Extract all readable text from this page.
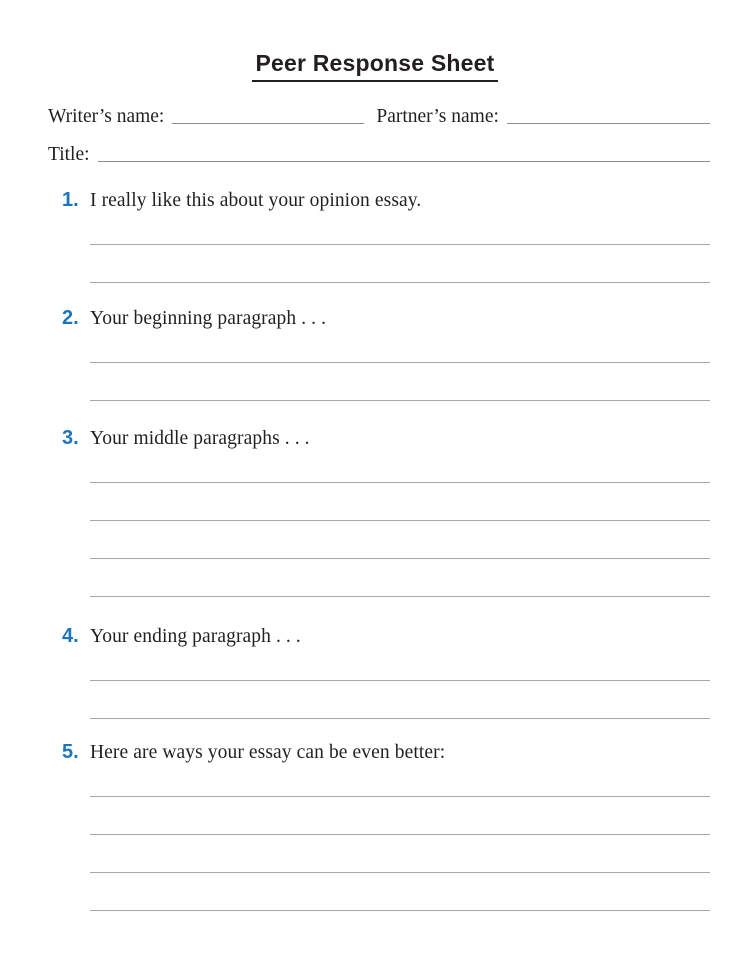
Peer Response Sheet
Writer’s name:	Partner’s name:
Title:
1. I really like this about your opinion essay.
2. Your beginning paragraph . . .
3. Your middle paragraphs . . .
4. Your ending paragraph . . .
5. Here are ways your essay can be even better:
